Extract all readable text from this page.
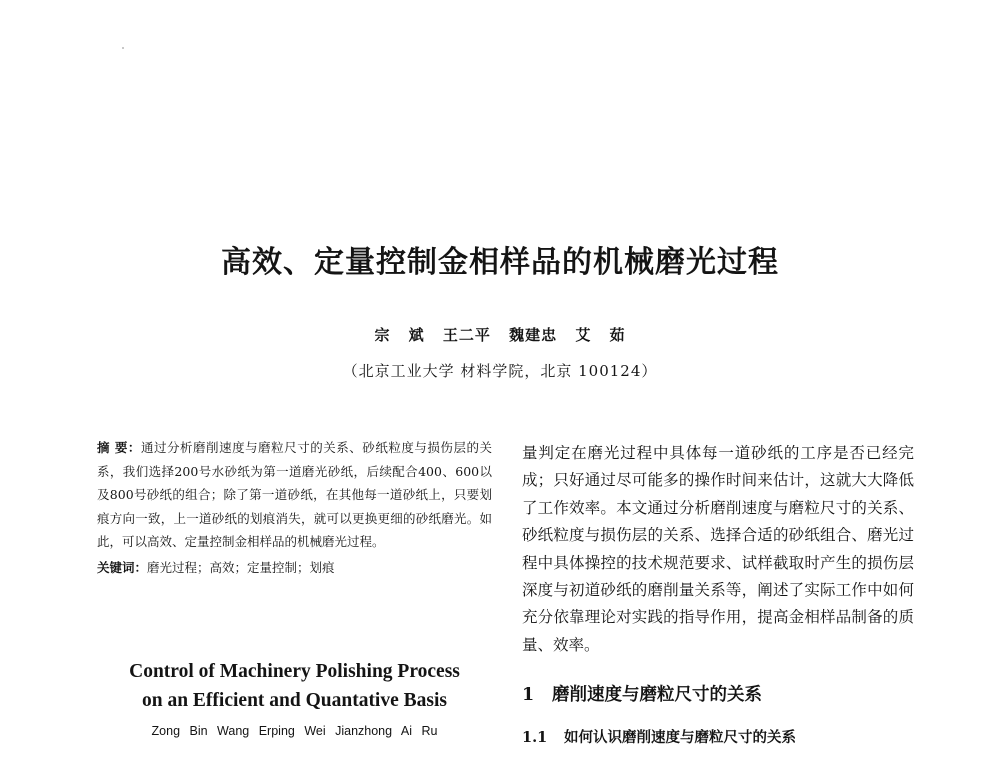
高效、定量控制金相样品的机械磨光过程
宗 斌 王二平 魏建忠 艾 茹
（北京工业大学 材料学院，北京 100124）

摘 要：通过分析磨削速度与磨粒尺寸的关系、砂纸粒度与损伤层的关系，我们选择200号水砂纸为第一道磨光砂纸，后续配合400、600以及800号砂纸的组合；除了第一道砂纸，在其他每一道砂纸上，只要划痕方向一致，上一道砂纸的划痕消失，就可以更换更细的砂纸磨光。如此，可以高效、定量控制金相样品的机械磨光过程。

关键词：磨光过程；高效；定量控制；划痕

Control of Machinery Polishing Process
on an Efficient and Quantative Basis
Zong Bin Wang Erping Wei Jianzhong Ai Ru

量判定在磨光过程中具体每一道砂纸的工序是否已经完成；只好通过尽可能多的操作时间来估计，这就大大降低了工作效率。本文通过分析磨削速度与磨粒尺寸的关系、砂纸粒度与损伤层的关系、选择合适的砂纸组合、磨光过程中具体操控的技术规范要求、试样截取时产生的损伤层深度与初道砂纸的磨削量关系等，阐述了实际工作中如何充分依靠理论对实践的指导作用，提高金相样品制备的质量、效率。

1 磨削速度与磨粒尺寸的关系
1.1 如何认识磨削速度与磨粒尺寸的关系
